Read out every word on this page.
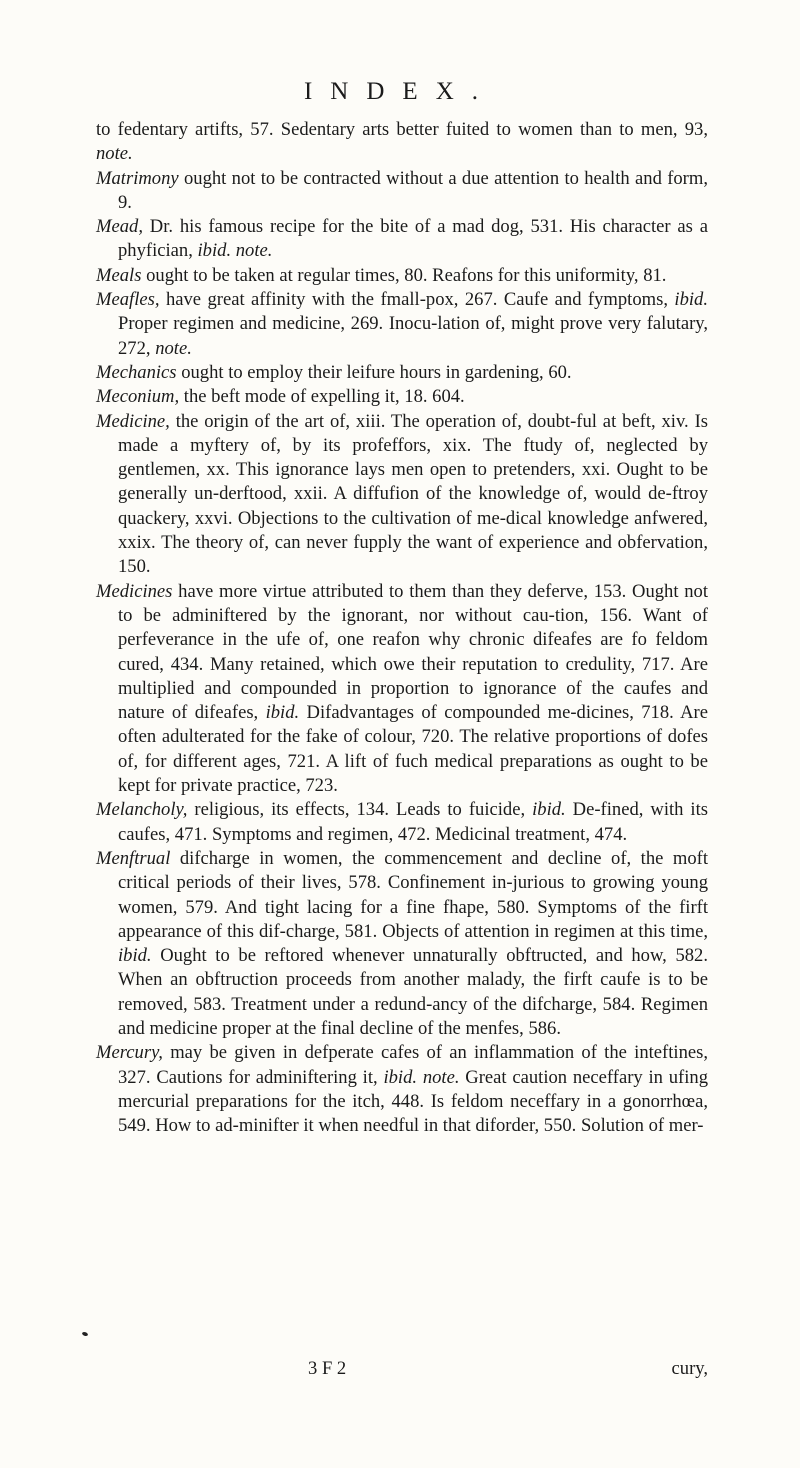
INDEX.

to fedentary artifts, 57. Sedentary arts better fuited to women than to men, 93, note.

Matrimony ought not to be contracted without a due attention to health and form, 9.

Mead, Dr. his famous recipe for the bite of a mad dog, 531. His character as a phyfician, ibid. note.

Meals ought to be taken at regular times, 80. Reafons for this uniformity, 81.

Meafles, have great affinity with the fmall-pox, 267. Caufe and fymptoms, ibid. Proper regimen and medicine, 269. Inocu-lation of, might prove very falutary, 272, note.

Mechanics ought to employ their leifure hours in gardening, 60.

Meconium, the beft mode of expelling it, 18. 604.

Medicine, the origin of the art of, xiii. The operation of, doubt-ful at beft, xiv. Is made a myftery of, by its profeffors, xix. The ftudy of, neglected by gentlemen, xx. This ignorance lays men open to pretenders, xxi. Ought to be generally un-derftood, xxii. A diffufion of the knowledge of, would de-ftroy quackery, xxvi. Objections to the cultivation of me-dical knowledge anfwered, xxix. The theory of, can never fupply the want of experience and obfervation, 150.

Medicines have more virtue attributed to them than they deferve, 153. Ought not to be adminiftered by the ignorant, nor without cau-tion, 156. Want of perfeverance in the ufe of, one reafon why chronic difeafes are fo feldom cured, 434. Many retained, which owe their reputation to credulity, 717. Are multiplied and compounded in proportion to ignorance of the caufes and nature of difeafes, ibid. Difadvantages of compounded me-dicines, 718. Are often adulterated for the fake of colour, 720. The relative proportions of dofes of, for different ages, 721. A lift of fuch medical preparations as ought to be kept for private practice, 723.

Melancholy, religious, its effects, 134. Leads to fuicide, ibid. De-fined, with its caufes, 471. Symptoms and regimen, 472. Medicinal treatment, 474.

Menftrual difcharge in women, the commencement and decline of, the moft critical periods of their lives, 578. Confinement in-jurious to growing young women, 579. And tight lacing for a fine fhape, 580. Symptoms of the firft appearance of this dif-charge, 581. Objects of attention in regimen at this time, ibid. Ought to be reftored whenever unnaturally obftructed, and how, 582. When an obftruction proceeds from another malady, the firft caufe is to be removed, 583. Treatment under a redund-ancy of the difcharge, 584. Regimen and medicine proper at the final decline of the menfes, 586.

Mercury, may be given in defperate cafes of an inflammation of the inteftines, 327. Cautions for adminiftering it, ibid. note. Great caution neceffary in ufing mercurial preparations for the itch, 448. Is feldom neceffary in a gonorrhœa, 549. How to ad-minifter it when needful in that diforder, 550. Solution of mer-

3 F 2	cury,
